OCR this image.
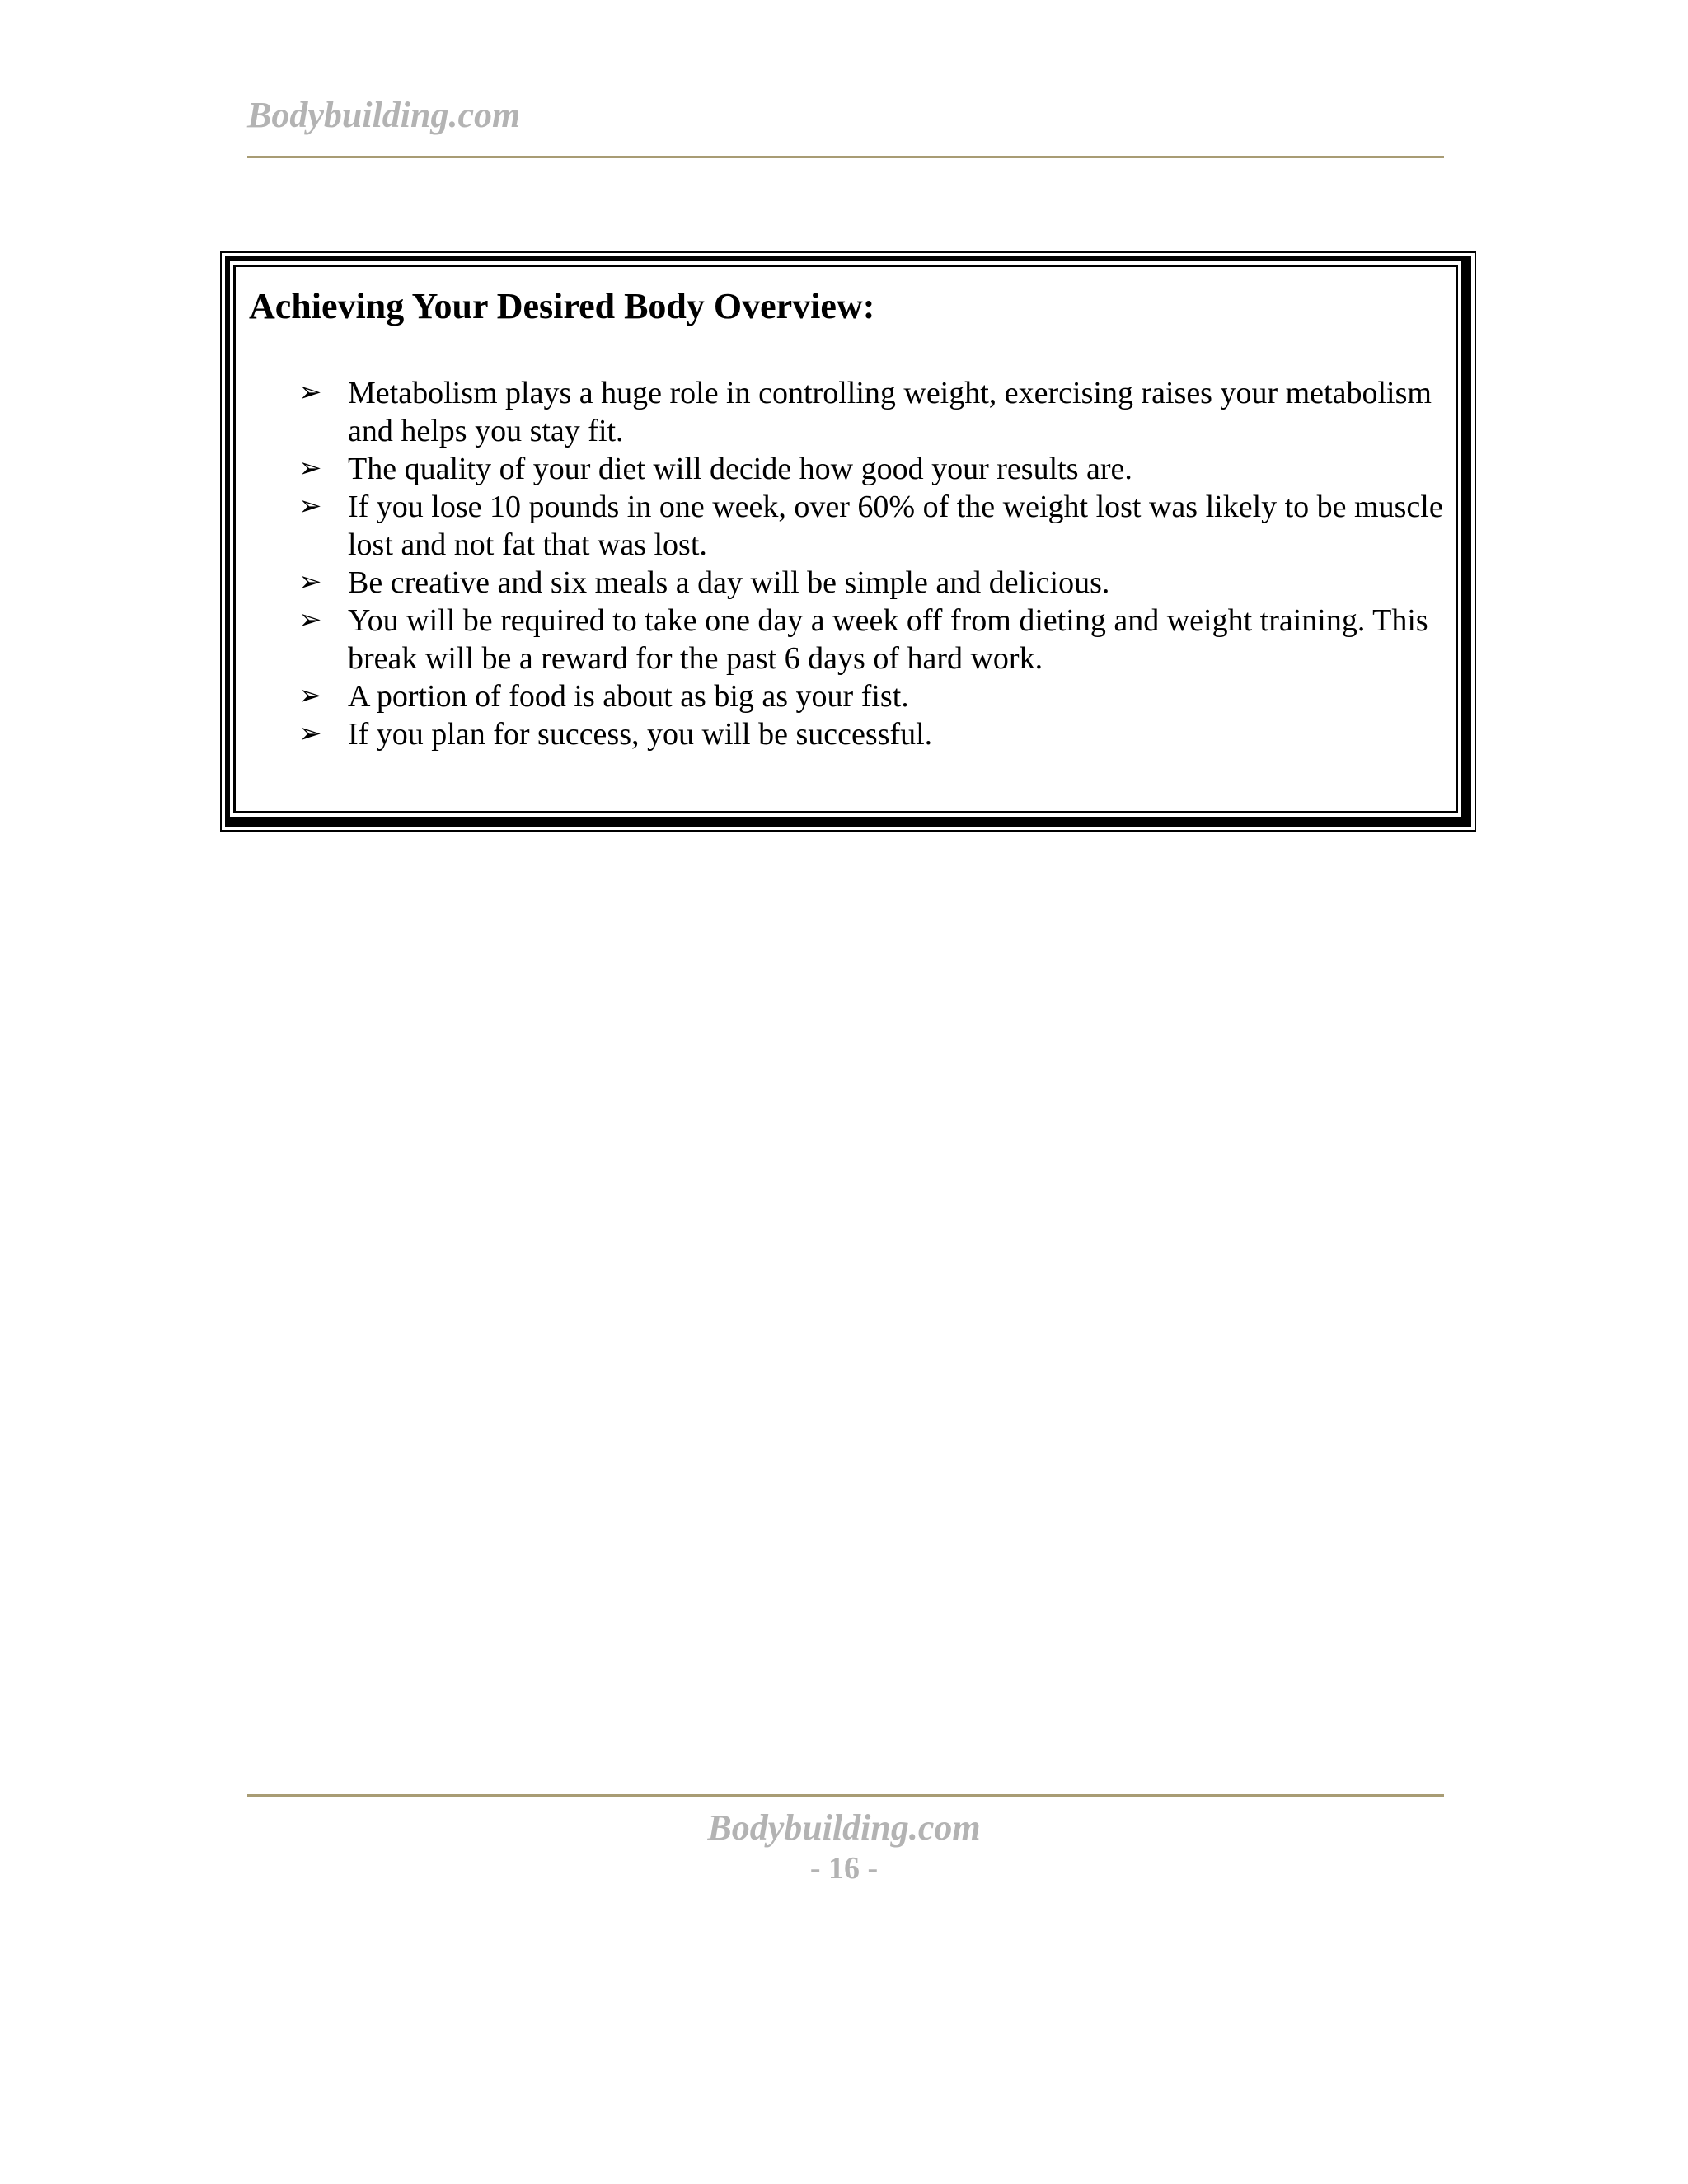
Bodybuilding.com
Achieving Your Desired Body Overview:
➢ Metabolism plays a huge role in controlling weight, exercising raises your metabolism and helps you stay fit.
➢ The quality of your diet will decide how good your results are.
➢ If you lose 10 pounds in one week, over 60% of the weight lost was likely to be muscle lost and not fat that was lost.
➢ Be creative and six meals a day will be simple and delicious.
➢ You will be required to take one day a week off from dieting and weight training. This break will be a reward for the past 6 days of hard work.
➢ A portion of food is about as big as your fist.
➢ If you plan for success, you will be successful.
Bodybuilding.com
- 16 -
